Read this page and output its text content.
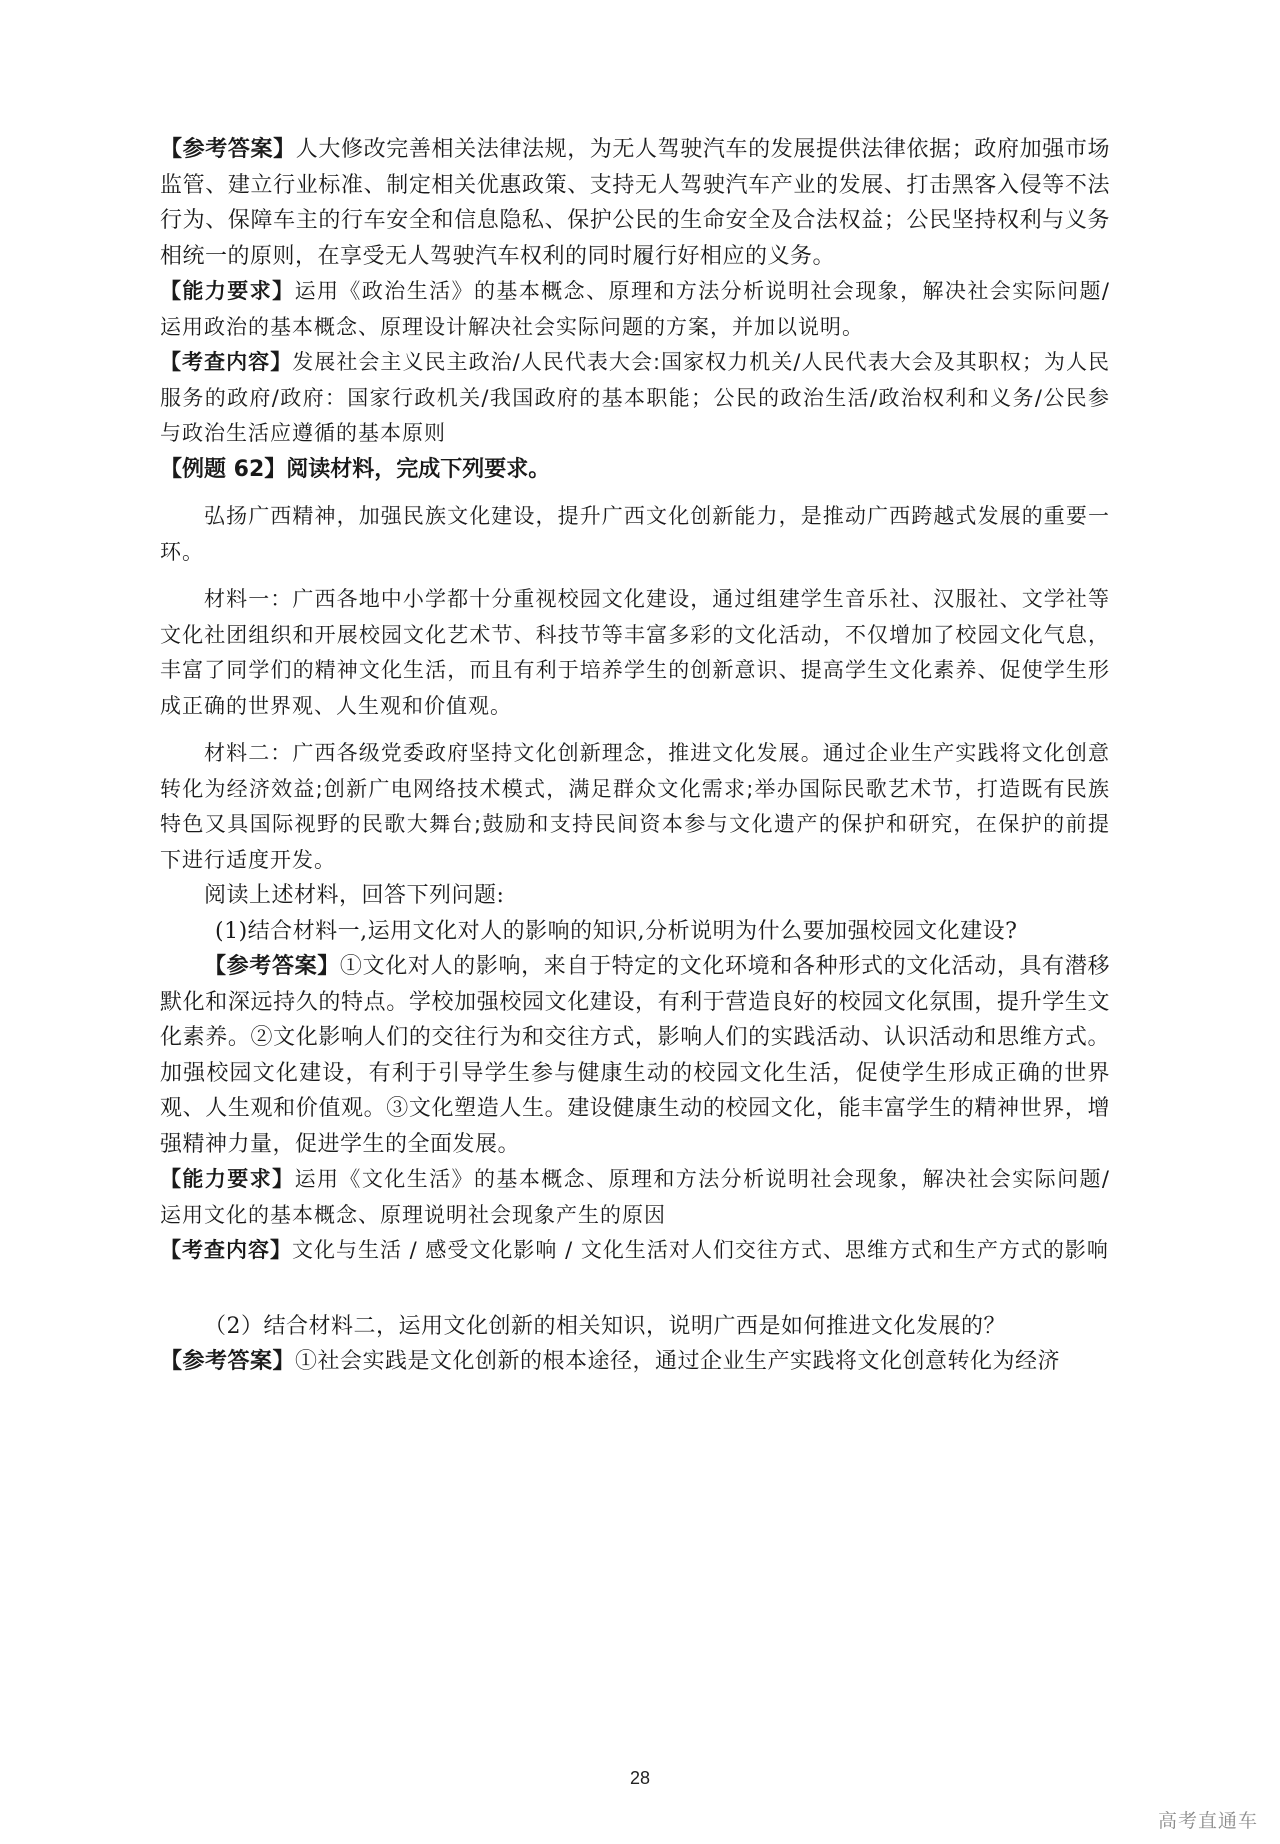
【参考答案】人大修改完善相关法律法规，为无人驾驶汽车的发展提供法律依据；政府加强市场监管、建立行业标准、制定相关优惠政策、支持无人驾驶汽车产业的发展、打击黑客入侵等不法行为、保障车主的行车安全和信息隐私、保护公民的生命安全及合法权益；公民坚持权利与义务相统一的原则，在享受无人驾驶汽车权利的同时履行好相应的义务。

【能力要求】运用《政治生活》的基本概念、原理和方法分析说明社会现象，解决社会实际问题/运用政治的基本概念、原理设计解决社会实际问题的方案，并加以说明。

【考查内容】发展社会主义民主政治/人民代表大会:国家权力机关/人民代表大会及其职权；为人民服务的政府/政府：国家行政机关/我国政府的基本职能；公民的政治生活/政治权利和义务/公民参与政治生活应遵循的基本原则

【例题 62】阅读材料，完成下列要求。

弘扬广西精神，加强民族文化建设，提升广西文化创新能力，是推动广西跨越式发展的重要一环。

材料一：广西各地中小学都十分重视校园文化建设，通过组建学生音乐社、汉服社、文学社等文化社团组织和开展校园文化艺术节、科技节等丰富多彩的文化活动，不仅增加了校园文化气息，丰富了同学们的精神文化生活，而且有利于培养学生的创新意识、提高学生文化素养、促使学生形成正确的世界观、人生观和价值观。

材料二：广西各级党委政府坚持文化创新理念，推进文化发展。通过企业生产实践将文化创意转化为经济效益;创新广电网络技术模式，满足群众文化需求;举办国际民歌艺术节，打造既有民族特色又具国际视野的民歌大舞台;鼓励和支持民间资本参与文化遗产的保护和研究，在保护的前提下进行适度开发。

阅读上述材料，回答下列问题:

(1)结合材料一,运用文化对人的影响的知识,分析说明为什么要加强校园文化建设?

【参考答案】①文化对人的影响，来自于特定的文化环境和各种形式的文化活动，具有潜移默化和深远持久的特点。学校加强校园文化建设，有利于营造良好的校园文化氛围，提升学生文化素养。②文化影响人们的交往行为和交往方式，影响人们的实践活动、认识活动和思维方式。加强校园文化建设，有利于引导学生参与健康生动的校园文化生活，促使学生形成正确的世界观、人生观和价值观。③文化塑造人生。建设健康生动的校园文化，能丰富学生的精神世界，增强精神力量，促进学生的全面发展。

【能力要求】运用《文化生活》的基本概念、原理和方法分析说明社会现象，解决社会实际问题/运用文化的基本概念、原理说明社会现象产生的原因

【考查内容】文化与生活 / 感受文化影响 / 文化生活对人们交往方式、思维方式和生产方式的影响

（2）结合材料二，运用文化创新的相关知识，说明广西是如何推进文化发展的？

【参考答案】①社会实践是文化创新的根本途径，通过企业生产实践将文化创意转化为经济

28
高考直通车
